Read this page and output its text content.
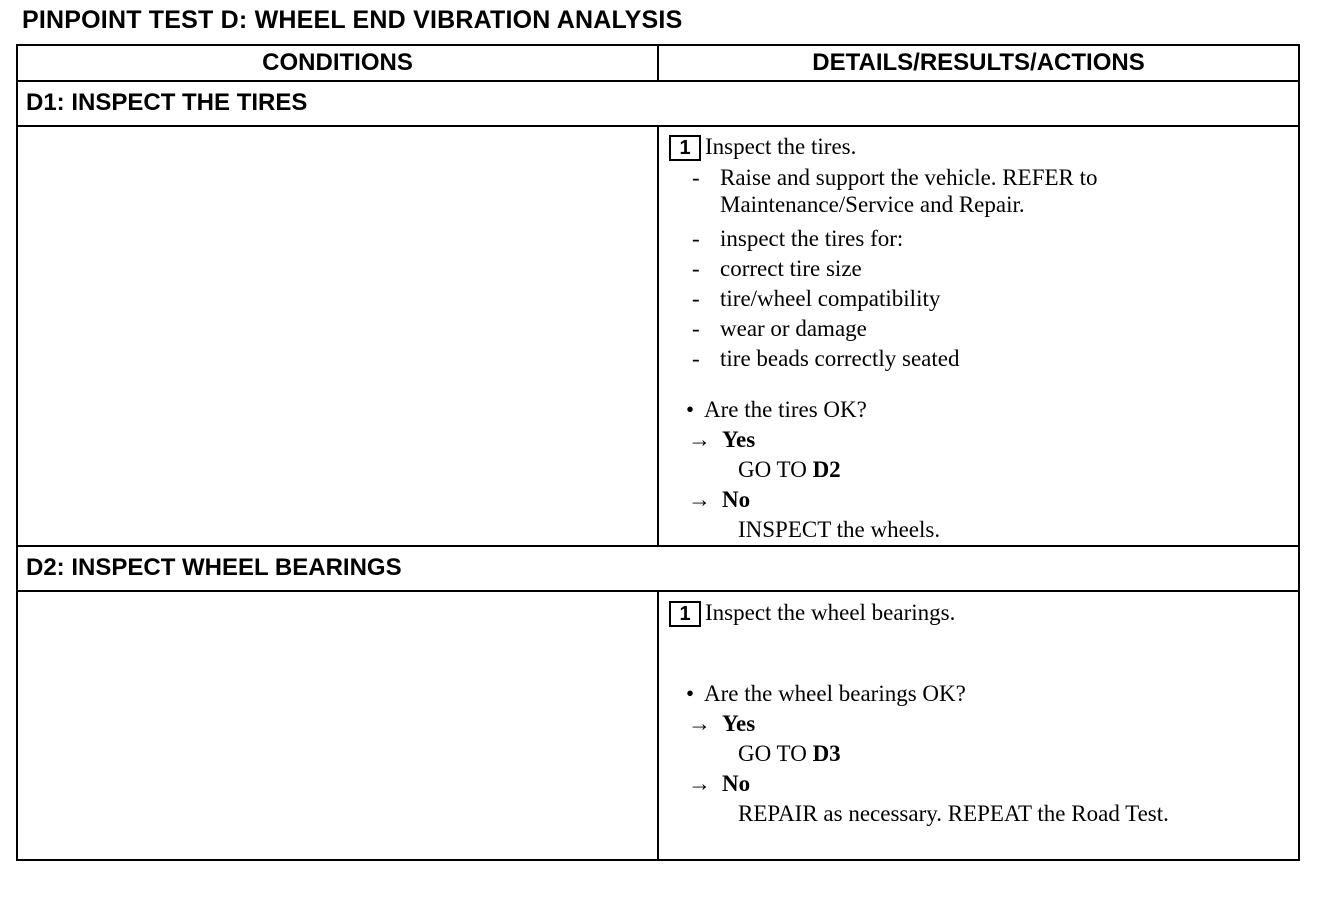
PINPOINT TEST D: WHEEL END VIBRATION ANALYSIS
CONDITIONS	DETAILS/RESULTS/ACTIONS
D1: INSPECT THE TIRES
1 Inspect the tires.
- Raise and support the vehicle. REFER to
Maintenance/Service and Repair.
- inspect the tires for:
- correct tire size
- tire/wheel compatibility
- wear or damage
- tire beads correctly seated
• Are the tires OK?
→ Yes
GO TO D2
→ No
INSPECT the wheels.
D2: INSPECT WHEEL BEARINGS
1 Inspect the wheel bearings.
• Are the wheel bearings OK?
→ Yes
GO TO D3
→ No
REPAIR as necessary. REPEAT the Road Test.
